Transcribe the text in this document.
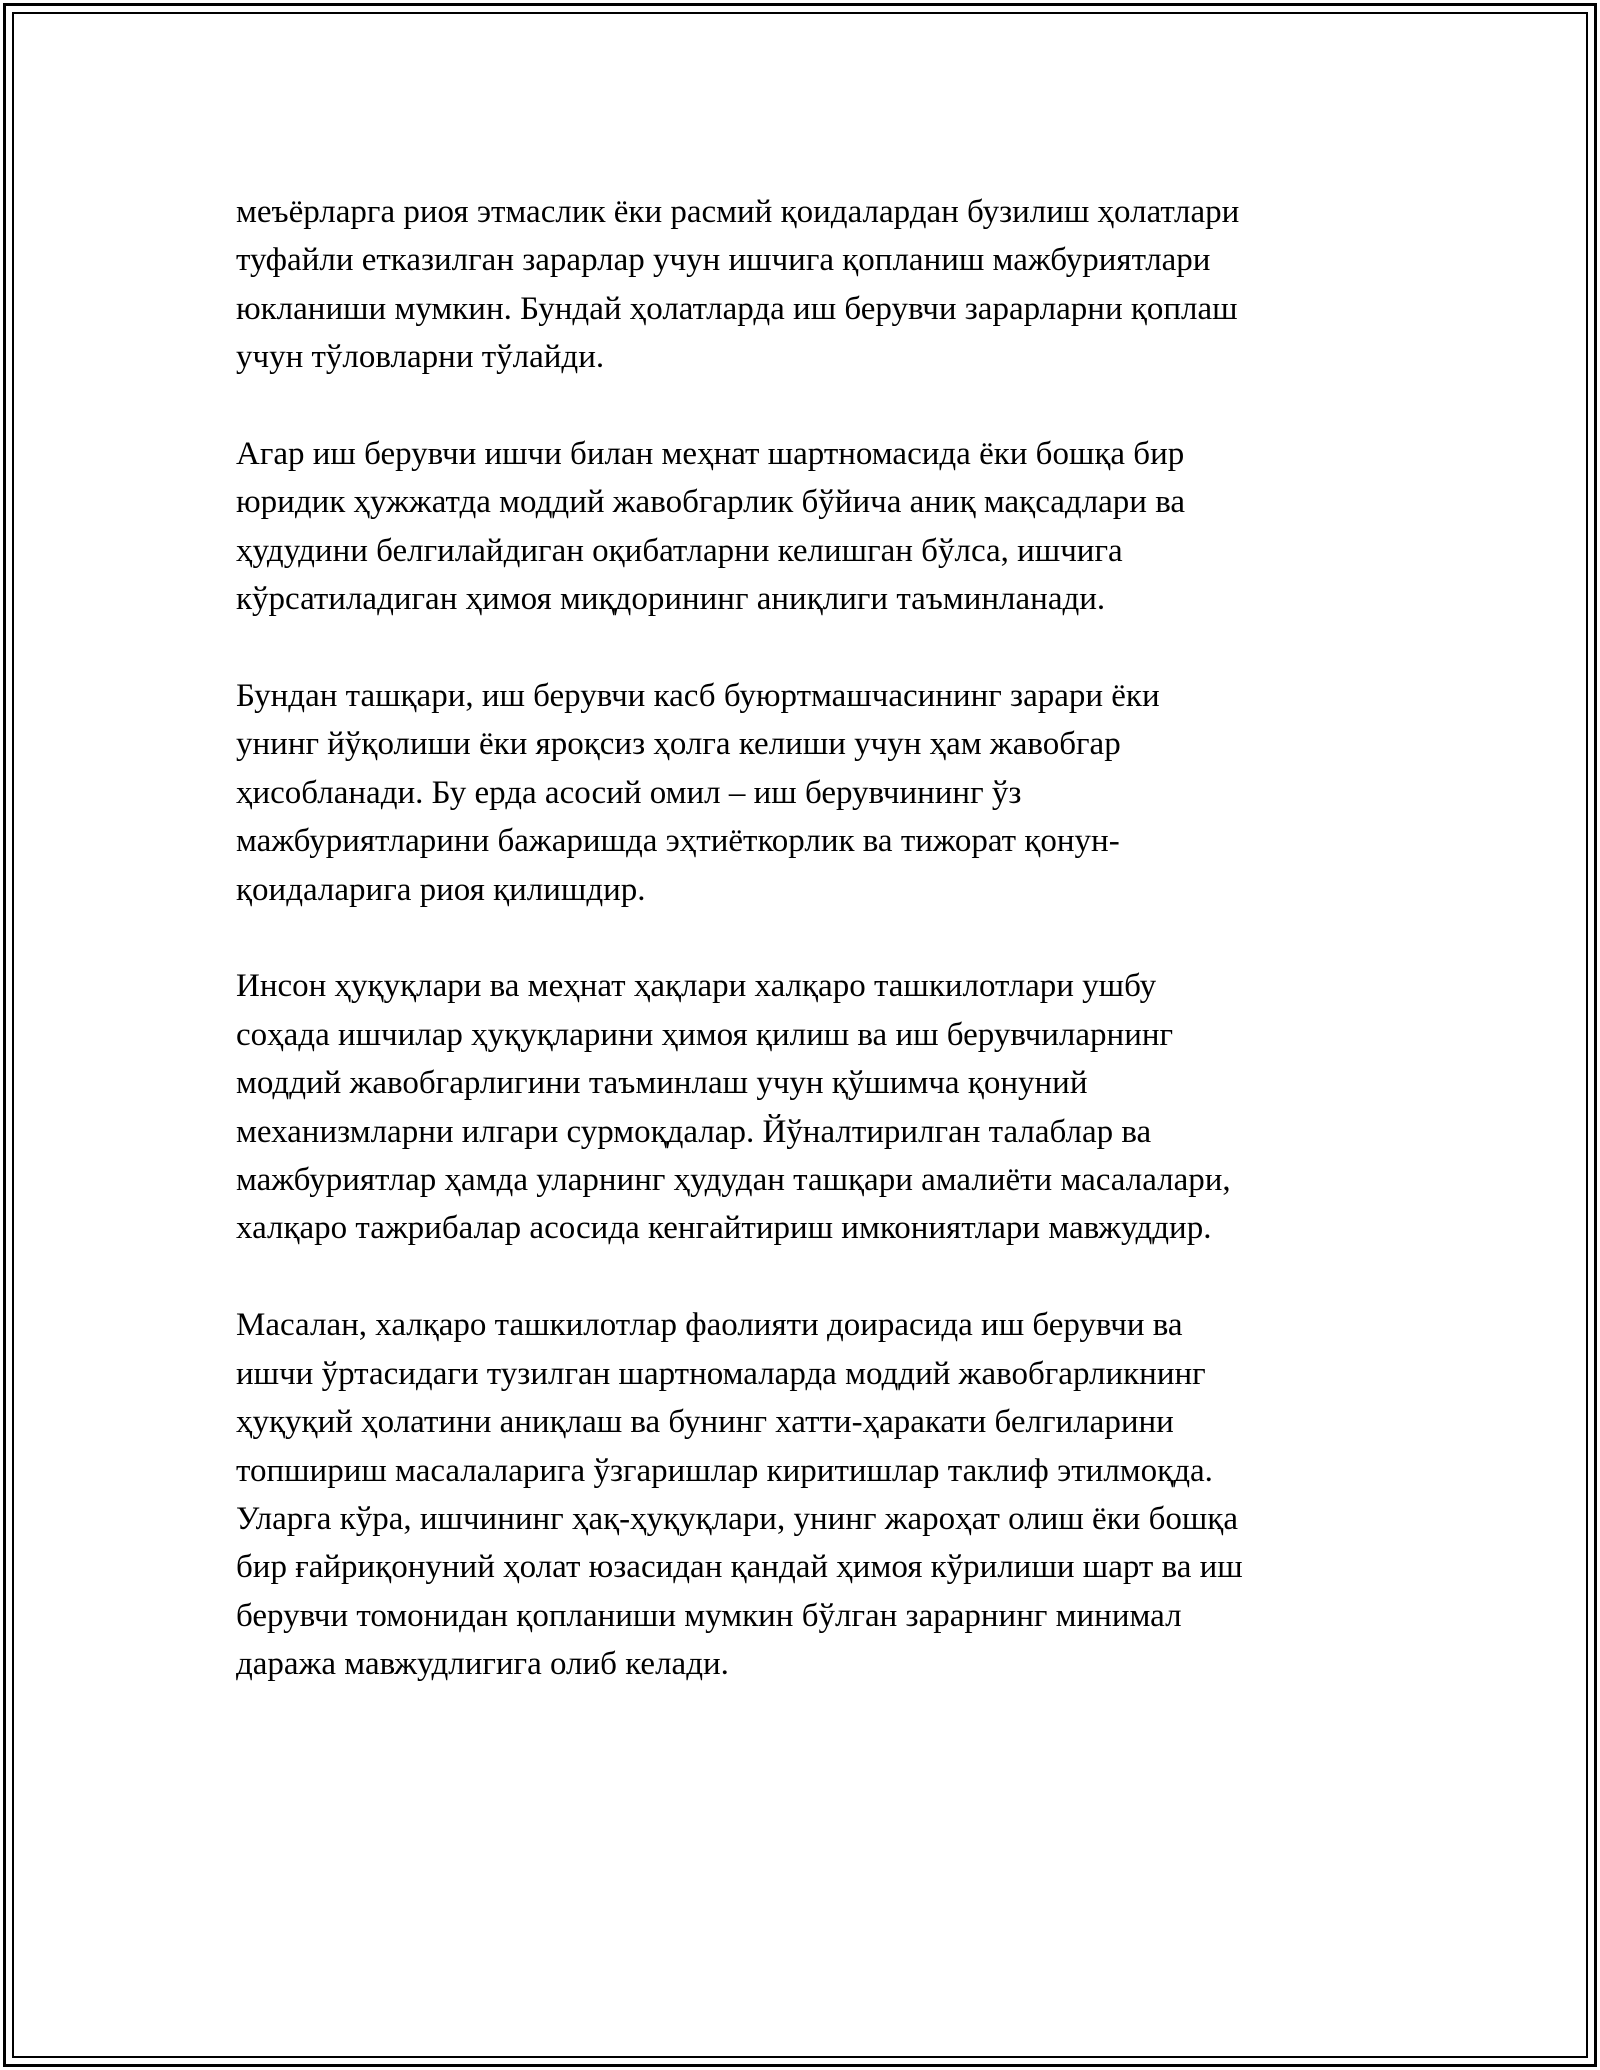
меъёрларга риоя этмаслик ёки расмий қоидалардан бузилиш ҳолатлари
туфайли етказилган зарарлар учун ишчига қопланиш мажбуриятлари
юкланиши мумкин. Бундай ҳолатларда иш берувчи зарарларни қоплаш
учун тўловларни тўлайди.

Агар иш берувчи ишчи билан меҳнат шартномасида ёки бошқа бир
юридик ҳужжатда моддий жавобгарлик бўйича аниқ мақсадлари ва
ҳудудини белгилайдиган оқибатларни келишган бўлса, ишчига
кўрсатиладиган ҳимоя миқдорининг аниқлиги таъминланади.

Бундан ташқари, иш берувчи касб буюртмашчасининг зарари ёки
унинг йўқолиши ёки яроқсиз ҳолга келиши учун ҳам жавобгар
ҳисобланади. Бу ерда асосий омил – иш берувчининг ўз
мажбуриятларини бажаришда эҳтиёткорлик ва тижорат қонун-
қоидаларига риоя қилишдир.

Инсон ҳуқуқлари ва меҳнат ҳақлари халқаро ташкилотлари ушбу
соҳада ишчилар ҳуқуқларини ҳимоя қилиш ва иш берувчиларнинг
моддий жавобгарлигини таъминлаш учун қўшимча қонуний
механизмларни илгари сурмоқдалар. Йўналтирилган талаблар ва
мажбуриятлар ҳамда уларнинг ҳудудан ташқари амалиёти масалалари,
халқаро тажрибалар асосида кенгайтириш имкониятлари мавжуддир.

Масалан, халқаро ташкилотлар фаолияти доирасида иш берувчи ва
ишчи ўртасидаги тузилган шартномаларда моддий жавобгарликнинг
ҳуқуқий ҳолатини аниқлаш ва бунинг хатти-ҳаракати белгиларини
топшириш масалаларига ўзгаришлар киритишлар таклиф этилмоқда.
Уларга кўра, ишчининг ҳақ-ҳуқуқлари, унинг жароҳат олиш ёки бошқа
бир ғайриқонуний ҳолат юзасидан қандай ҳимоя кўрилиши шарт ва иш
берувчи томонидан қопланиши мумкин бўлган зарарнинг минимал
даража мавжудлигига олиб келади.
